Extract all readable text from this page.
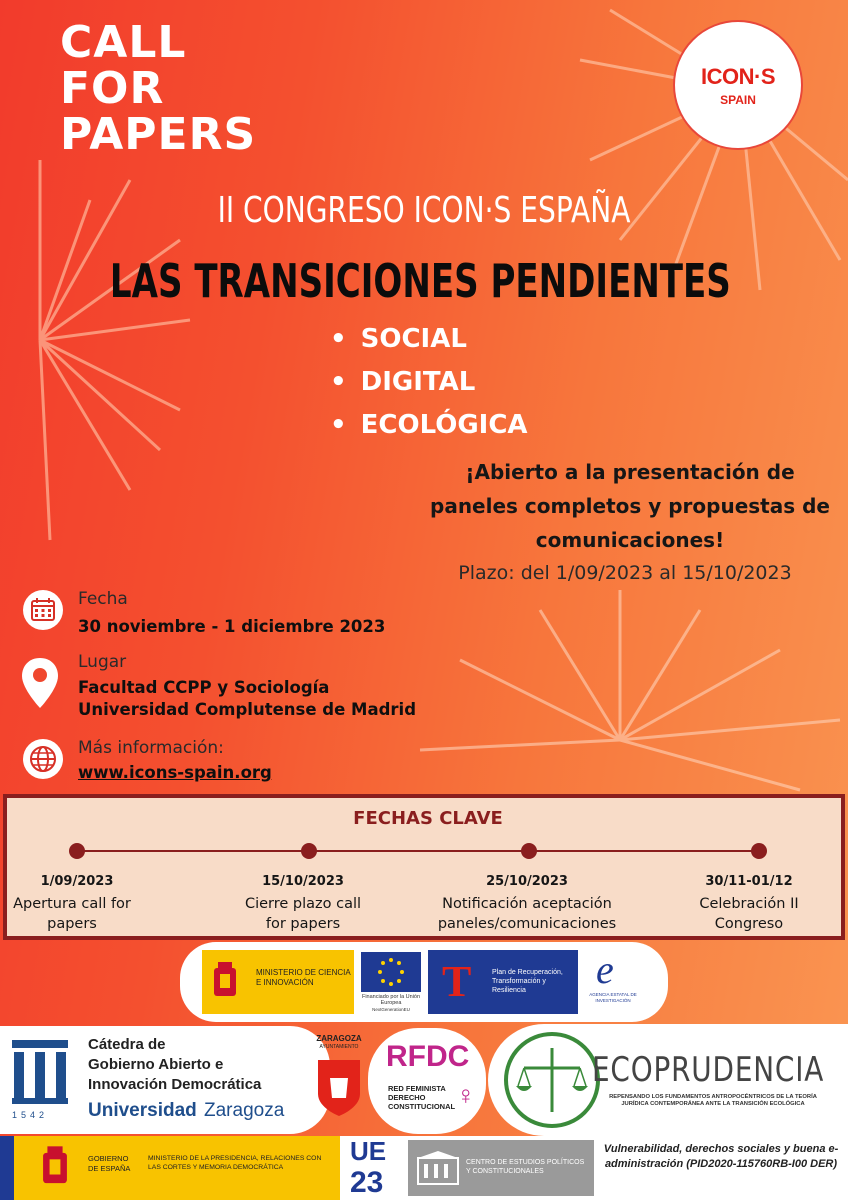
CALL
FOR
PAPERS
ICON·S
SPAIN
II CONGRESO ICON·S ESPAÑA
LAS TRANSICIONES PENDIENTES
• SOCIAL
• DIGITAL
• ECOLÓGICA
¡Abierto a la presentación de paneles completos y propuestas de comunicaciones!
Plazo: del 1/09/2023 al 15/10/2023
Fecha
30 noviembre - 1 diciembre 2023
Lugar
Facultad CCPP y Sociología
Universidad Complutense de Madrid
Más información:
www.icons-spain.org
FECHAS CLAVE
1/09/2023
Apertura call for papers
15/10/2023
Cierre plazo call for papers
25/10/2023
Notificación aceptación paneles/comunicaciones
30/11-01/12
Celebración II Congreso
MINISTERIO DE CIENCIA E INNOVACIÓN
Financiado por la Unión Europea
NextGenerationEU
T	Plan de Recuperación, Transformación y Resiliencia	e
AGENCIA ESTATAL DE INVESTIGACIÓN
1542
Cátedra de
Gobierno Abierto e
Innovación Democrática
Universidad Zaragoza
ZARAGOZA
AYUNTAMIENTO RFDC
RED FEMINISTA DERECHO CONSTITUCIONAL ♀
ECOPRUDENCIA
REPENSANDO LOS FUNDAMENTOS ANTROPOCÉNTRICOS DE LA TEORÍA JURÍDICA CONTEMPORÁNEA ANTE LA TRANSICIÓN ECOLÓGICA
GOBIERNO DE ESPAÑA
MINISTERIO DE LA PRESIDENCIA, RELACIONES CON LAS CORTES Y MEMORIA DEMOCRÁTICA
UE
23
CENTRO DE ESTUDIOS POLÍTICOS Y CONSTITUCIONALES
Vulnerabilidad, derechos sociales y buena e-administración (PID2020-115760RB-I00 DER)
